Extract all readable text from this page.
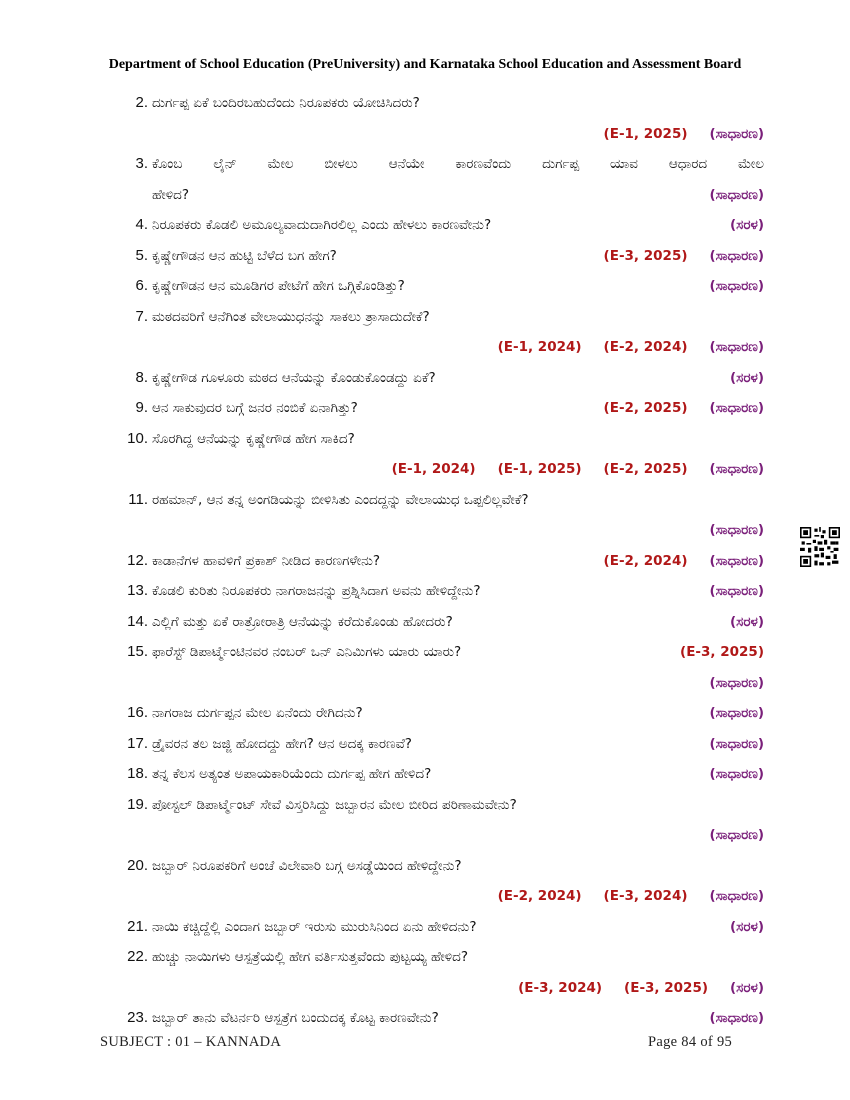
Department of School Education (PreUniversity) and Karnataka School Education and Assessment Board
2. ದುರ್ಗಪ್ಪ ಏಕೆ ಬಂದಿರಬಹುದೆಂದು ನಿರೂಪಕರು ಯೋಚಿಸಿದರು?
(E-1, 2025) (ಸಾಧಾರಣ)
3. ಕೊಂಬ ಲೈನ್ ಮೇಲ ಬೀಳಲು ಆನೆಯೇ ಕಾರಣವೆಂದು ದುರ್ಗಪ್ಪ ಯಾವ ಆಧಾರದ ಮೇಲ
ಹೇಳಿದ?	(ಸಾಧಾರಣ)
4. ನಿರೂಪಕರು ಕೊಡಲಿ ಅಮೂಲ್ಯವಾದುದಾಗಿರಲಿಲ್ಲ ಎಂದು ಹೇಳಲು ಕಾರಣವೇನು?	(ಸರಳ)
5. ಕೃಷ್ಣೇಗೌಡನ ಆನ ಹುಟ್ಟಿ ಬೆಳೆದ ಬಗ ಹೇಗ?	(E-3, 2025) (ಸಾಧಾರಣ)
6. ಕೃಷ್ಣೇಗೌಡನ ಆನ ಮೂಡಿಗರ ಪೇಟೆಗೆ ಹೇಗ ಒಗ್ಗಿಕೊಂಡಿತ್ತು?	(ಸಾಧಾರಣ)
7. ಮಠದವರಿಗೆ ಆನೆಗಿಂತ ವೇಲಾಯುಧನನ್ನು ಸಾಕಲು ತ್ರಾಸಾದುದೇಕೆ?
(E-1, 2024) (E-2, 2024) (ಸಾಧಾರಣ)
8. ಕೃಷ್ಣೇಗೌಡ ಗೂಳೂರು ಮಠದ ಆನೆಯನ್ನು ಕೊಂಡುಕೊಂಡದ್ದು ಏಕೆ?	(ಸರಳ)
9. ಆನ ಸಾಕುವುದರ ಬಗ್ಗೆ ಜನರ ನಂಬಿಕೆ ಏನಾಗಿತ್ತು?	(E-2, 2025) (ಸಾಧಾರಣ)
10. ಸೊರಗಿದ್ದ ಆನೆಯನ್ನು ಕೃಷ್ಣೇಗೌಡ ಹೇಗ ಸಾಕಿದ?
(E-1, 2024) (E-1, 2025) (E-2, 2025) (ಸಾಧಾರಣ)
11. ರಹಮಾನ್, ಆನ ತನ್ನ ಅಂಗಡಿಯನ್ನು ಬೀಳಿಸಿತು ಎಂದದ್ದನ್ನು ವೇಲಾಯುಧ ಒಪ್ಪಲಿಲ್ಲವೇಕೆ?
(ಸಾಧಾರಣ)
12. ಕಾಡಾನೆಗಳ ಹಾವಳಿಗೆ ಪ್ರಕಾಶ್ ನೀಡಿದ ಕಾರಣಗಳೇನು?	(E-2, 2024) (ಸಾಧಾರಣ)
13. ಕೊಡಲಿ ಕುರಿತು ನಿರೂಪಕರು ನಾಗರಾಜನನ್ನು ಪ್ರಶ್ನಿಸಿದಾಗ ಅವನು ಹೇಳಿದ್ದೇನು?	(ಸಾಧಾರಣ)
14. ಎಲ್ಲಿಗೆ ಮತ್ತು ಏಕೆ ರಾತ್ರೋರಾತ್ರಿ ಆನೆಯನ್ನು ಕರೆದುಕೊಂಡು ಹೋದರು?	(ಸರಳ)
15. ಫಾರೆಸ್ಟ್ ಡಿಪಾರ್ಟ್ಮೆಂಟಿನವರ ನಂಬರ್ ಒನ್ ಎನಿಮಿಗಳು ಯಾರು ಯಾರು?	(E-3, 2025)
(ಸಾಧಾರಣ)
16. ನಾಗರಾಜ ದುರ್ಗಪ್ಪನ ಮೇಲ ಏನೆಂದು ರೇಗಿದನು?	(ಸಾಧಾರಣ)
17. ಡ್ರೈವರನ ತಲ ಜಜ್ಜಿ ಹೋದದ್ದು ಹೇಗ? ಆನ ಅದಕ್ಕ ಕಾರಣವೆ?	(ಸಾಧಾರಣ)
18. ತನ್ನ ಕೆಲಸ ಅತ್ಯಂತ ಅಪಾಯಕಾರಿಯೆಂದು ದುರ್ಗಪ್ಪ ಹೇಗ ಹೇಳಿದ?	(ಸಾಧಾರಣ)
19. ಪೋಸ್ಟಲ್ ಡಿಪಾರ್ಟ್ಮೆಂಟ್ ಸೇವೆ ವಿಸ್ತರಿಸಿದ್ದು ಜಬ್ಬಾರನ ಮೇಲ ಬೀರಿದ ಪರಿಣಾಮವೇನು?
(ಸಾಧಾರಣ)
20. ಜಬ್ಬಾರ್ ನಿರೂಪಕರಿಗೆ ಅಂಚೆ ವಿಲೇವಾರಿ ಬಗ್ಗ ಅಸಡ್ಡೆಯಿಂದ ಹೇಳಿದ್ದೇನು?
(E-2, 2024) (E-3, 2024) (ಸಾಧಾರಣ)
21. ನಾಯಿ ಕಚ್ಚಿದ್ದೆಲ್ಲಿ ಎಂದಾಗ ಜಬ್ಬಾರ್ ಇರುಸು ಮುರುಸಿನಿಂದ ಏನು ಹೇಳಿದನು?	(ಸರಳ)
22. ಹುಚ್ಚು ನಾಯಿಗಳು ಆಸ್ಪತ್ರೆಯಲ್ಲಿ ಹೇಗ ವರ್ತಿಸುತ್ತವೆಂದು ಪುಟ್ಟಯ್ಯ ಹೇಳಿದ?
(E-3, 2024) (E-3, 2025) (ಸರಳ)
23. ಜಬ್ಬಾರ್ ತಾನು ವೆಟರ್ನರಿ ಆಸ್ಪತ್ರೆಗ ಬಂದುದಕ್ಕ ಕೊಟ್ಟ ಕಾರಣವೇನು?	(ಸಾಧಾರಣ)
SUBJECT : 01 – KANNADA	Page 84 of 95
